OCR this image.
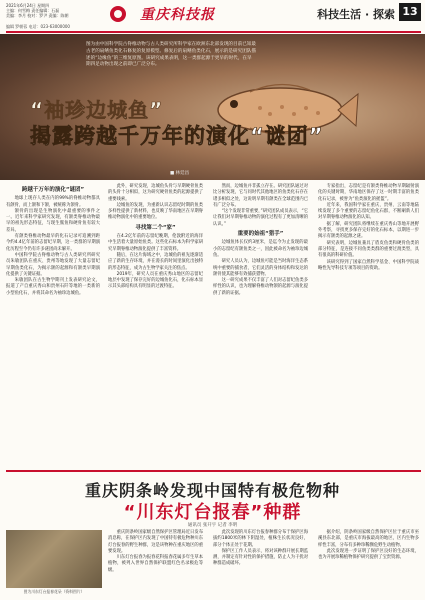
2021年6月24日 星期四
主编：何雪梅 责任编辑：石磊
美编：李月 校对：罗尹 责编：陈朝	重庆科技报	科技生活 · 探索 13
编辑 罗朝蓉 电话：023-63000000
图为由中国科学院古脊椎动物与古人类研究所科学家在欧洲东北部发现的目前已知最古老的扇鳍鱼类化石修复的复原模型。修复后的扇鳍鱼类化石，展示的是研究团队描述的“边缘鱼”的三维复原图。该研究成果表明，这一类群起源于更早的时代，在早期四足动物出现之前即已广泛分布。
“袖珍边城鱼”
揭露跨越千万年的演化“谜团”
■ 林廷昌
跨越千万年的演化“谜团”

地球上现存人类在内的99%的脊椎动物都具有颌骨，而上颌和下颌，被统称为颌骨。

颌骨的出现是生物演化中最重要的事件之一。近年来科学家研究发现，有颌类脊椎动物最早的祖先形态特征，与现生鲨鱼和硬骨鱼有较大差异。

有颌类脊椎动物最早的化石记录可追溯到距今约4.4亿年前的志留纪早期，这一类群的早期演化历程至今仍有许多谜团尚未解开。

中国科学院古脊椎动物与古人类研究所研究员朱敏团队在重庆、贵州等地发现了大量志留纪早期鱼类化石，为揭示颌的起源和有颌类早期演化提供了关键证据。

朱敏团队在古生物学期刊上发表研究论文，报道了产自重庆秀山和贵州石阡等地的一类新的小型鱼化石，并将其命名为袖珍边城鱼。

此外，研究发现，边城鱼头骨与早期硬骨鱼类的头骨十分相似，这为研究硬骨鱼类的起源提供了重要线索。

边城鱼的发现，为重新认识志留纪时期的鱼类多样性提供了新材料，也反映了华南地区在早期脊椎动物演化中的重要地位。

寻找第二个“家”

在4.2亿年前的志留纪晚期，伦敦附近的海洋中生活着大量原始鱼类。这些化石标本为科学家研究早期脊椎动物演化提供了丰富资料。

随后，在这片海域之中，边城鱼的祖先逐渐适应了新的生存环境，并在漫长的时间里演化出独特的形态特征，成为古生物学家关注的焦点。

2019年，研究人员在重庆秀山地区的志留纪地层中发现了保存完好的边城鱼化石，化石标本显示其头部结构具有明显的过渡特征。

然而，边城鱼并非孤立存在。研究团队通过对比分析发现，它与同时代其他地区的鱼类化石存在诸多相似之处，这说明早期有颌类在全球范围内已有广泛分布。

“这个发现非常重要，”研究团队成员表示，“它让我们对早期脊椎动物的演化过程有了更加清晰的认识。”

重要的始祖“猎手”

边城鱼体长仅约3厘米，是迄今为止发现的最小的志留纪有颌鱼类之一，因此被命名为袖珍边城鱼。

研究人员认为，边城鱼可能是当时海洋生态系统中重要的捕食者，它们灵活的身体结构和发达的颌骨使其能够有效捕获猎物。

这一研究成果不仅丰富了人们对志留纪鱼类多样性的认识，也为理解脊椎动物颌的起源与演化提供了新的证据。

专家指出，志留纪是有颌类脊椎动物早期辐射演化的关键时期，华南地区保存了这一时期丰富的鱼类化石记录，被誉为“鱼类演化的摇篮”。

近年来，我国科学家在重庆、贵州、云南等地陆续发现了多个重要的志留纪鱼化石群，不断刷新人们对早期脊椎动物演化的认知。

据了解，研究团队将继续在重庆秀山等地开展野外考察，寻找更多保存完好的化石标本，以期进一步揭示有颌类的起源之谜。

研究表明，边城鱼兼具了盾皮鱼类和硬骨鱼类的部分特征，是连接不同鱼类类群的重要过渡类型，具有很高的科研价值。

该研究得到了国家自然科学基金、中国科学院战略性先导科技专项等项目的资助。

重庆阴条岭发现中国特有极危物种
“川东灯台报春”种群
通讯员 张开宇 记者 李明
图为川东灯台报春花朵（资料图片）

重庆阴条岭国家级自然保护区管理局近日发布消息称，在保护区内发现了中国特有极危物种川东灯台报春的野生种群，这是该物种在重庆地区的重要发现。

川东灯台报春为报春花科报春花属多年生草本植物，被列入世界自然保护联盟红色名录极危等级。

此次发现的川东灯台报春种群分布于保护区海拔约1800米的林下阴湿处，植株生长状况良好，部分个体正处于花期。

保护区工作人员表示，将对该种群开展长期监测，并制定有针对性的保护措施，防止人为干扰对种群造成破坏。

据介绍，阴条岭国家级自然保护区位于重庆市巫溪县东北部，是重庆市海拔最高的地区，区内生物多样性丰富，分布有多种珍稀濒危野生动植物。

此次发现进一步证明了保护区良好的生态环境，也为开展珍稀植物保护研究提供了宝贵资源。
